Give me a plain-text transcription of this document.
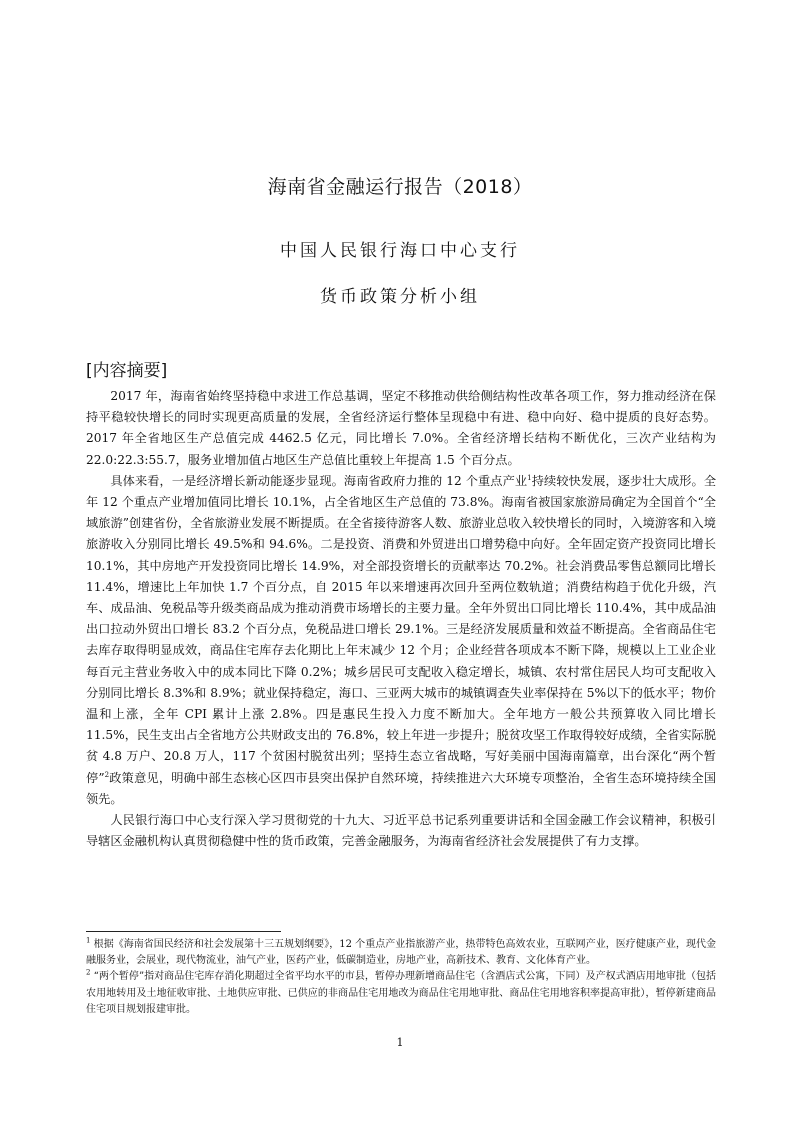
海南省金融运行报告（2018）
中国人民银行海口中心支行
货币政策分析小组
[内容摘要]

2017 年，海南省始终坚持稳中求进工作总基调，坚定不移推动供给侧结构性改革各项工作，努力推动经济在保持平稳较快增长的同时实现更高质量的发展，全省经济运行整体呈现稳中有进、稳中向好、稳中提质的良好态势。2017 年全省地区生产总值完成 4462.5 亿元，同比增长 7.0%。全省经济增长结构不断优化，三次产业结构为 22.0:22.3:55.7，服务业增加值占地区生产总值比重较上年提高 1.5 个百分点。

具体来看，一是经济增长新动能逐步显现。海南省政府力推的 12 个重点产业$^1$持续较快发展，逐步壮大成形。全年 12 个重点产业增加值同比增长 10.1%，占全省地区生产总值的 73.8%。海南省被国家旅游局确定为全国首个“全域旅游”创建省份，全省旅游业发展不断提质。在全省接待游客人数、旅游业总收入较快增长的同时，入境游客和入境旅游收入分别同比增长 49.5%和 94.6%。二是投资、消费和外贸进出口增势稳中向好。全年固定资产投资同比增长 10.1%，其中房地产开发投资同比增长 14.9%，对全部投资增长的贡献率达 70.2%。社会消费品零售总额同比增长 11.4%，增速比上年加快 1.7 个百分点，自 2015 年以来增速再次回升至两位数轨道；消费结构趋于优化升级，汽车、成品油、免税品等升级类商品成为推动消费市场增长的主要力量。全年外贸出口同比增长 110.4%，其中成品油出口拉动外贸出口增长 83.2 个百分点，免税品进口增长 29.1%。三是经济发展质量和效益不断提高。全省商品住宅去库存取得明显成效，商品住宅库存去化期比上年末减少 12 个月；企业经营各项成本不断下降，规模以上工业企业每百元主营业务收入中的成本同比下降 0.2%；城乡居民可支配收入稳定增长，城镇、农村常住居民人均可支配收入分别同比增长 8.3%和 8.9%；就业保持稳定，海口、三亚两大城市的城镇调查失业率保持在 5%以下的低水平；物价温和上涨，全年 CPI 累计上涨 2.8%。四是惠民生投入力度不断加大。全年地方一般公共预算收入同比增长 11.5%，民生支出占全省地方公共财政支出的 76.8%，较上年进一步提升；脱贫攻坚工作取得较好成绩，全省实际脱贫 4.8 万户、20.8 万人，117 个贫困村脱贫出列；坚持生态立省战略，写好美丽中国海南篇章，出台深化“两个暂停”$^2$政策意见，明确中部生态核心区四市县突出保护自然环境，持续推进六大环境专项整治，全省生态环境持续全国领先。

人民银行海口中心支行深入学习贯彻党的十九大、习近平总书记系列重要讲话和全国金融工作会议精神，积极引导辖区金融机构认真贯彻稳健中性的货币政策，完善金融服务，为海南省经济社会发展提供了有力支撑。

$^1$ 根据《海南省国民经济和社会发展第十三五规划纲要》，12 个重点产业指旅游产业，热带特色高效农业，互联网产业，医疗健康产业，现代金融服务业，会展业，现代物流业，油气产业，医药产业，低碳制造业，房地产业，高新技术、教育、文化体育产业。

$^2$ “两个暂停”指对商品住宅库存消化期超过全省平均水平的市县，暂停办理新增商品住宅（含酒店式公寓，下同）及产权式酒店用地审批（包括农用地转用及土地征收审批、土地供应审批、已供应的非商品住宅用地改为商品住宅用地审批、商品住宅用地容积率提高审批），暂停新建商品住宅项目规划报建审批。

1
